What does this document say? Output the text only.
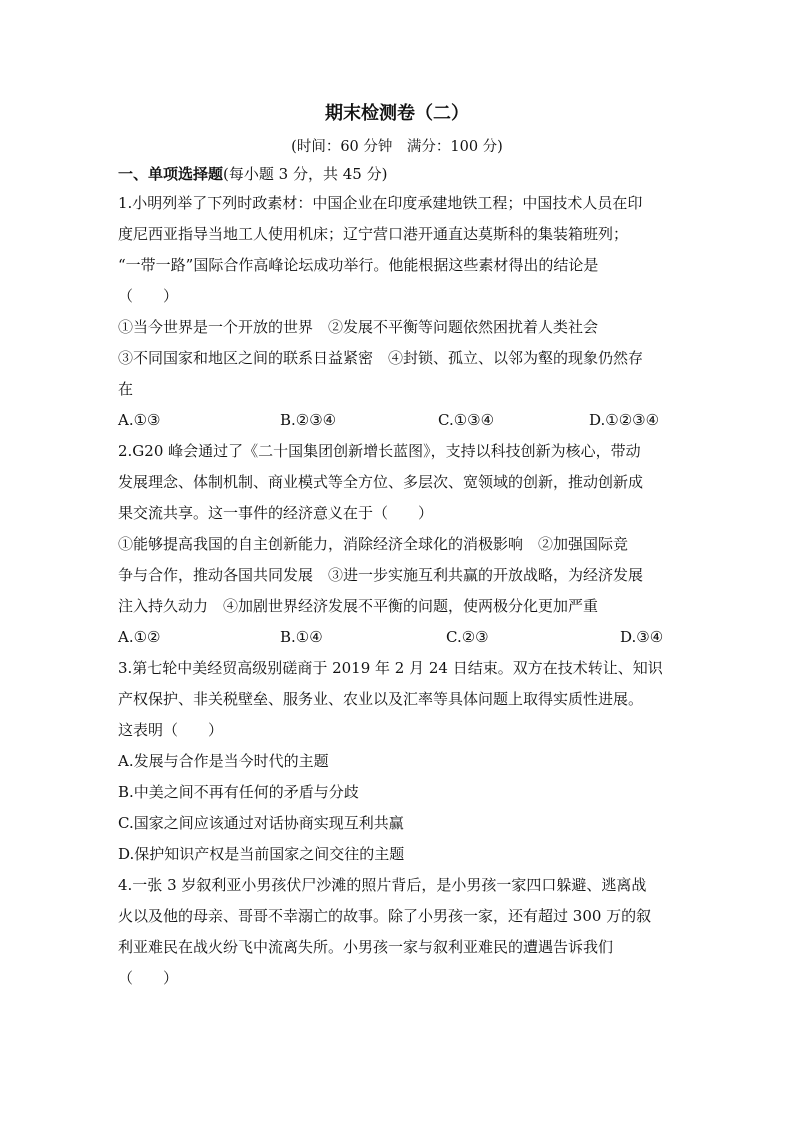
期末检测卷（二）
(时间：60 分钟　满分：100 分)
一、单项选择题(每小题 3 分，共 45 分)
1.小明列举了下列时政素材：中国企业在印度承建地铁工程；中国技术人员在印
度尼西亚指导当地工人使用机床；辽宁营口港开通直达莫斯科的集装箱班列；
“一带一路”国际合作高峰论坛成功举行。他能根据这些素材得出的结论是
（　　）
①当今世界是一个开放的世界　②发展不平衡等问题依然困扰着人类社会
③不同国家和地区之间的联系日益紧密　④封锁、孤立、以邻为壑的现象仍然存
在
A.①③	B.②③④	C.①③④	D.①②③④
2.G20 峰会通过了《二十国集团创新增长蓝图》，支持以科技创新为核心，带动
发展理念、体制机制、商业模式等全方位、多层次、宽领域的创新，推动创新成
果交流共享。这一事件的经济意义在于（　　）
①能够提高我国的自主创新能力，消除经济全球化的消极影响　②加强国际竞
争与合作，推动各国共同发展　③进一步实施互利共赢的开放战略，为经济发展
注入持久动力　④加剧世界经济发展不平衡的问题，使两极分化更加严重
A.①②	B.①④	C.②③	D.③④
3.第七轮中美经贸高级别磋商于 2019 年 2 月 24 日结束。双方在技术转让、知识
产权保护、非关税壁垒、服务业、农业以及汇率等具体问题上取得实质性进展。
这表明（　　）
A.发展与合作是当今时代的主题
B.中美之间不再有任何的矛盾与分歧
C.国家之间应该通过对话协商实现互利共赢
D.保护知识产权是当前国家之间交往的主题
4.一张 3 岁叙利亚小男孩伏尸沙滩的照片背后，是小男孩一家四口躲避、逃离战
火以及他的母亲、哥哥不幸溺亡的故事。除了小男孩一家，还有超过 300 万的叙
利亚难民在战火纷飞中流离失所。小男孩一家与叙利亚难民的遭遇告诉我们
（　　）
